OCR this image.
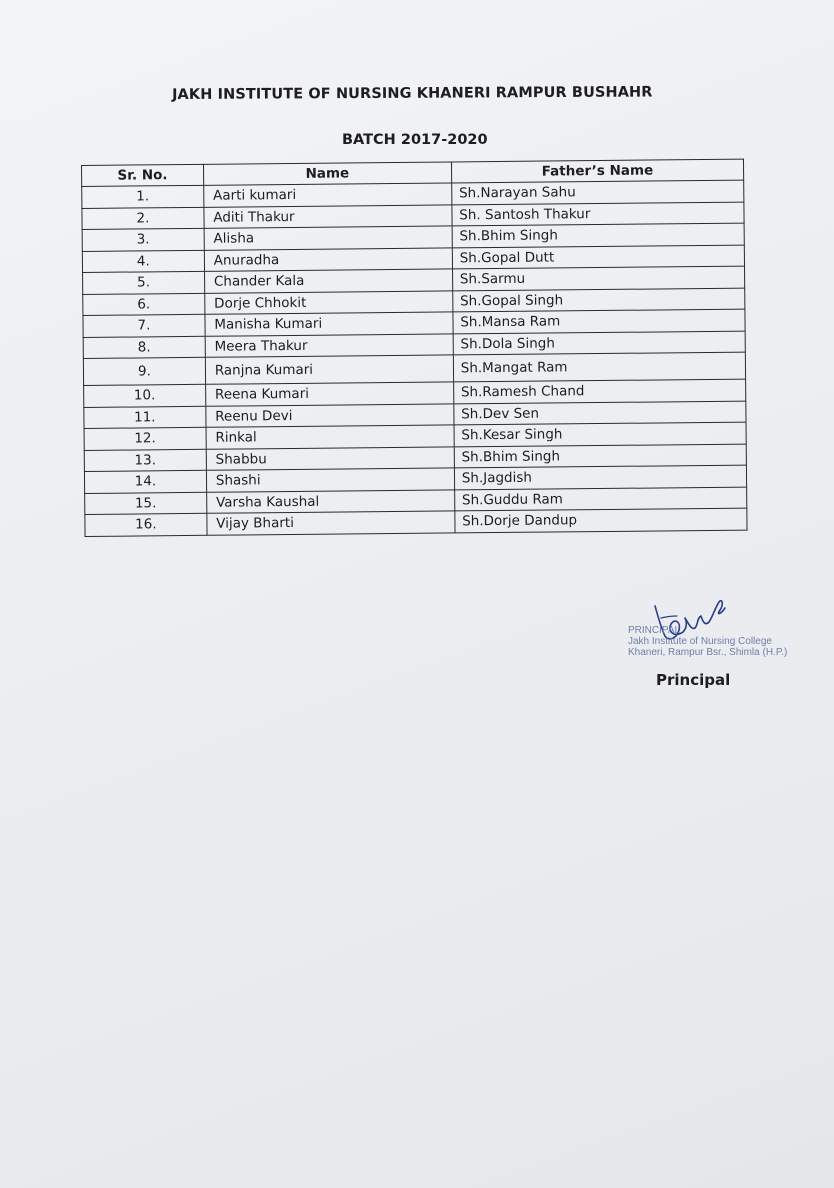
JAKH INSTITUTE OF NURSING KHANERI RAMPUR BUSHAHR
BATCH 2017-2020
Sr. No.	Name	Father’s Name
1.	Aarti kumari	Sh.Narayan Sahu
2.	Aditi Thakur	Sh. Santosh Thakur
3.	Alisha	Sh.Bhim Singh
4.	Anuradha	Sh.Gopal Dutt
5.	Chander Kala	Sh.Sarmu
6.	Dorje Chhokit	Sh.Gopal Singh
7.	Manisha Kumari	Sh.Mansa Ram
8.	Meera Thakur	Sh.Dola Singh
9.	Ranjna Kumari	Sh.Mangat Ram
10.	Reena Kumari	Sh.Ramesh Chand
11.	Reenu Devi	Sh.Dev Sen
12.	Rinkal	Sh.Kesar Singh
13.	Shabbu	Sh.Bhim Singh
14.	Shashi	Sh.Jagdish
15.	Varsha Kaushal	Sh.Guddu Ram
16.	Vijay Bharti	Sh.Dorje Dandup
PRINCIPAL
Jakh Institute of Nursing College
Khaneri, Rampur Bsr., Shimla (H.P.)
Principal
